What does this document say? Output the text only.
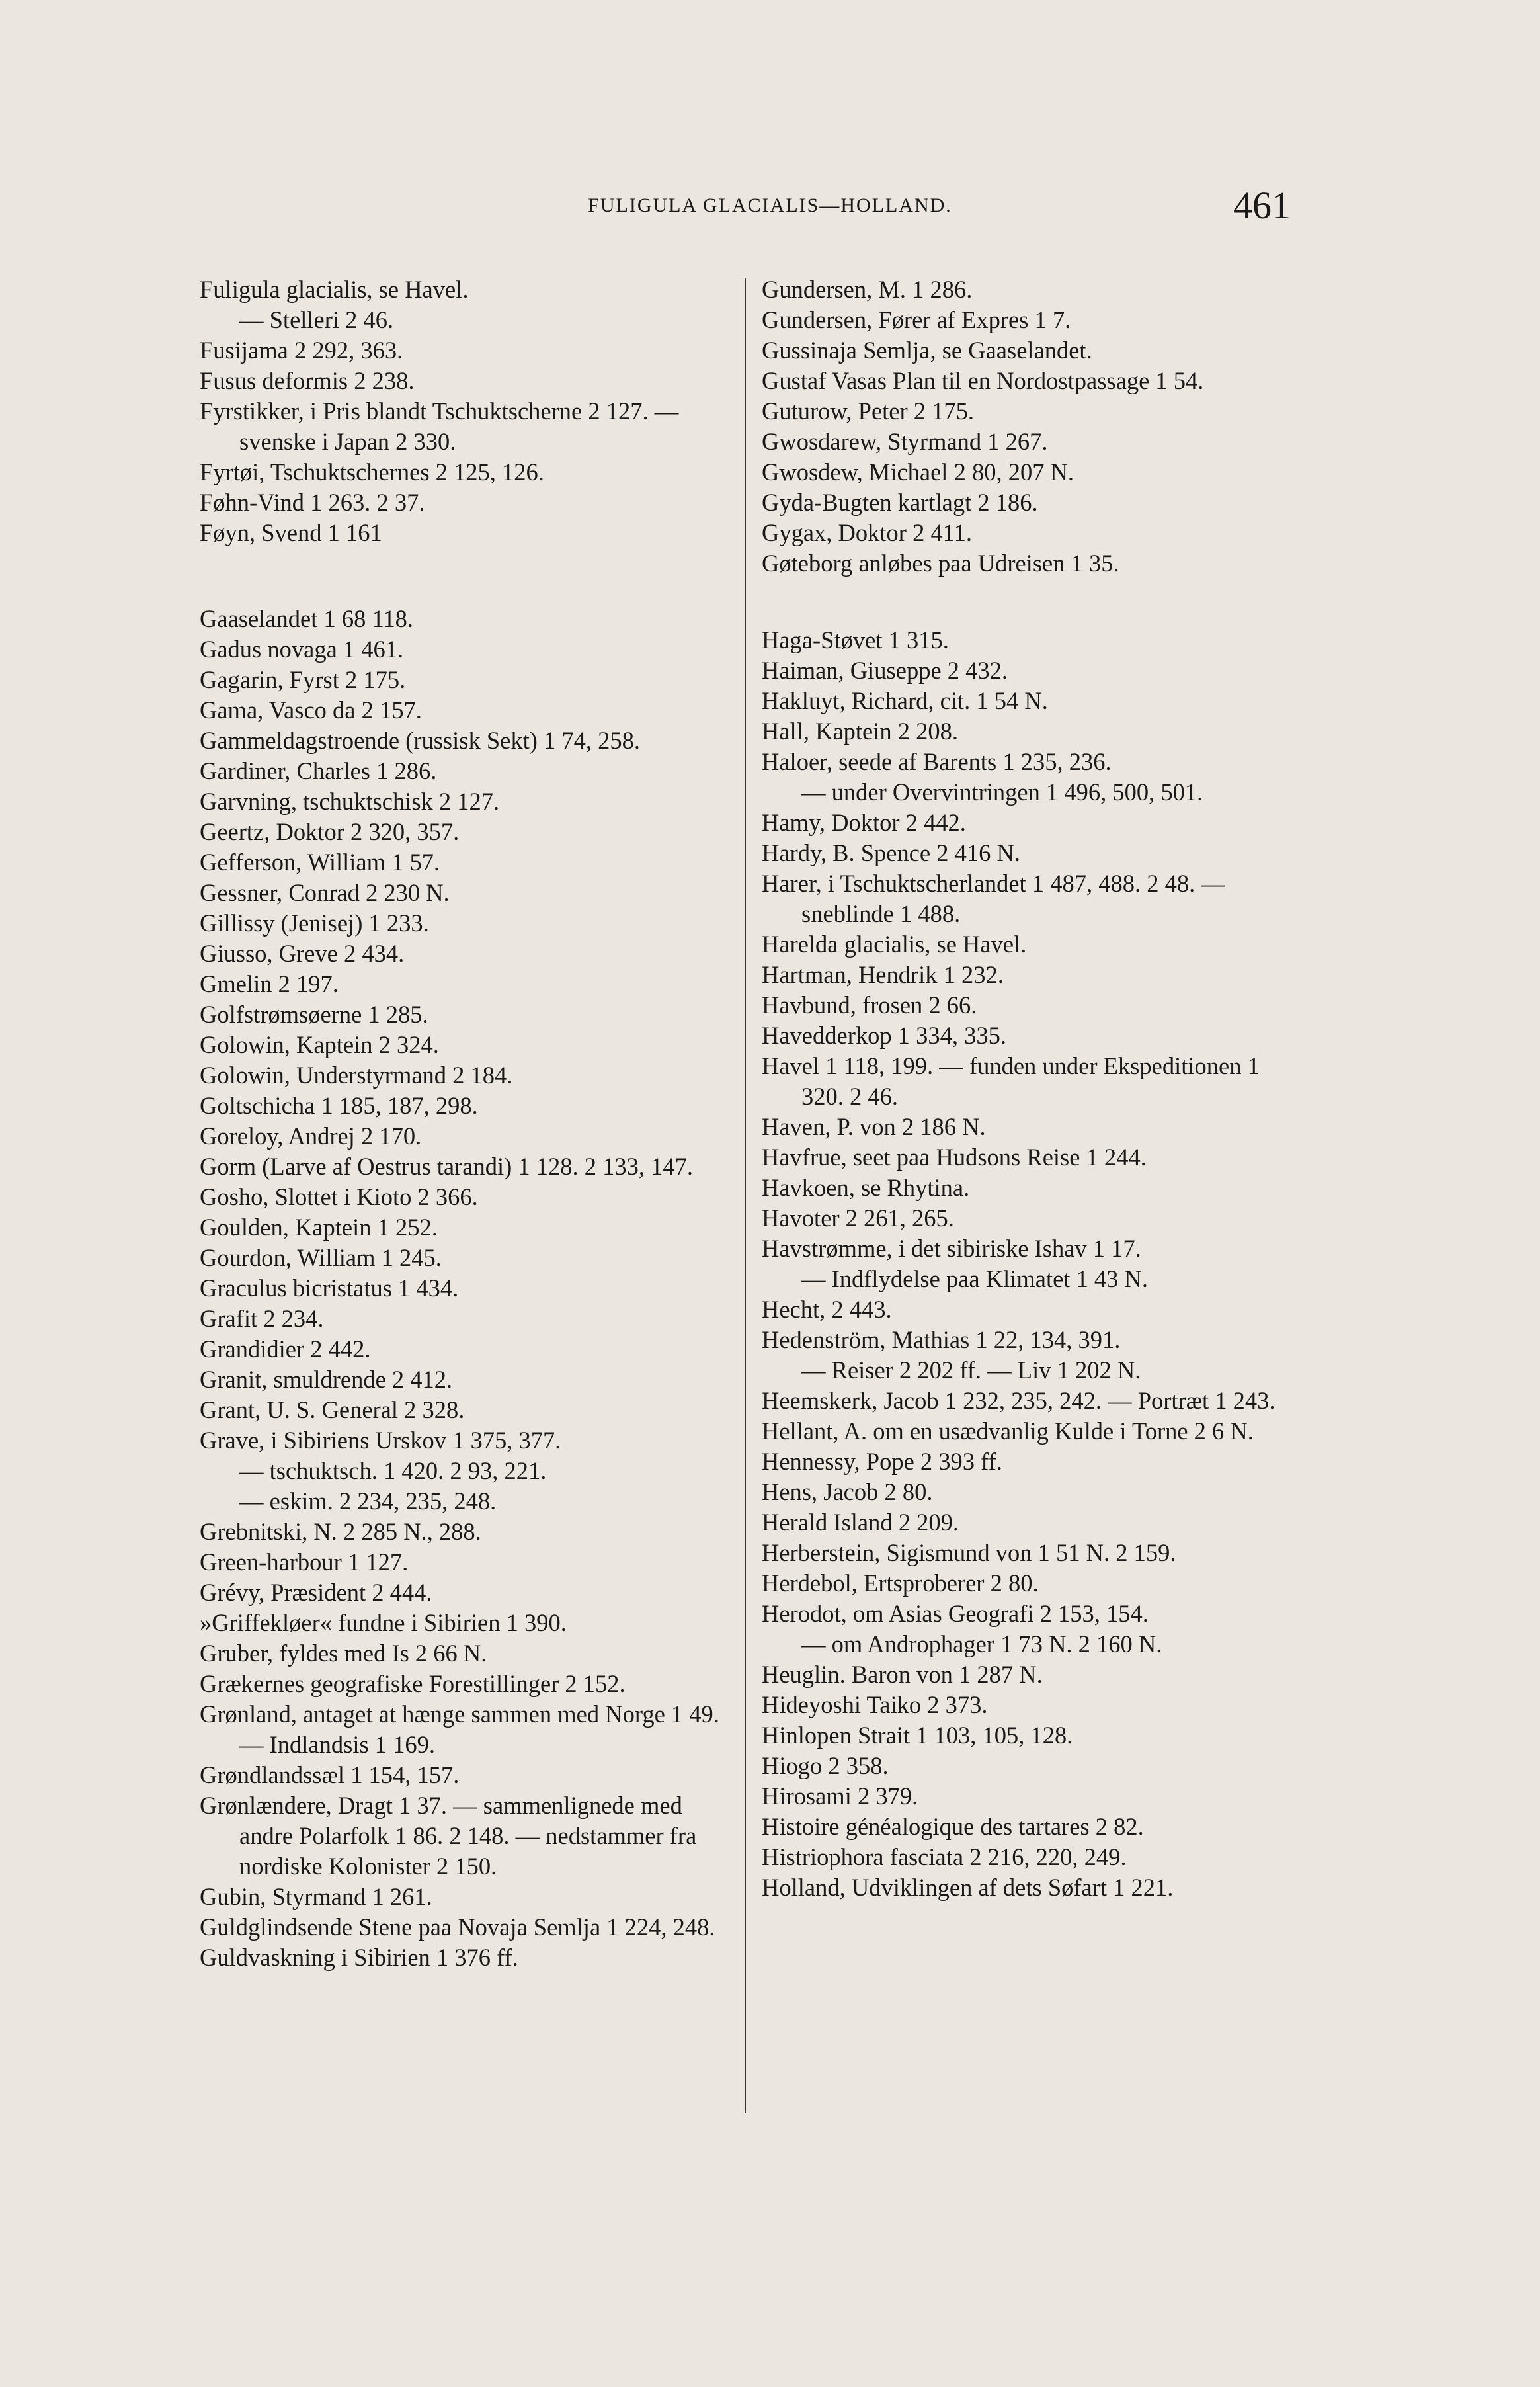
FULIGULA GLACIALIS—HOLLAND.	461

Fuligula glacialis, se Havel.

— Stelleri 2 46.

Fusijama 2 292, 363.

Fusus deformis 2 238.

Fyrstikker, i Pris blandt Tschuktscherne 2 127. — svenske i Japan 2 330.

Fyrtøi, Tschuktschernes 2 125, 126.

Føhn-Vind 1 263. 2 37.

Føyn, Svend 1 161

Gaaselandet 1 68 118.

Gadus novaga 1 461.

Gagarin, Fyrst 2 175.

Gama, Vasco da 2 157.

Gammeldagstroende (russisk Sekt) 1 74, 258.

Gardiner, Charles 1 286.

Garvning, tschuktschisk 2 127.

Geertz, Doktor 2 320, 357.

Gefferson, William 1 57.

Gessner, Conrad 2 230 N.

Gillissy (Jenisej) 1 233.

Giusso, Greve 2 434.

Gmelin 2 197.

Golfstrømsøerne 1 285.

Golowin, Kaptein 2 324.

Golowin, Understyrmand 2 184.

Goltschicha 1 185, 187, 298.

Goreloy, Andrej 2 170.

Gorm (Larve af Oestrus tarandi) 1 128. 2 133, 147.

Gosho, Slottet i Kioto 2 366.

Goulden, Kaptein 1 252.

Gourdon, William 1 245.

Graculus bicristatus 1 434.

Grafit 2 234.

Grandidier 2 442.

Granit, smuldrende 2 412.

Grant, U. S. General 2 328.

Grave, i Sibiriens Urskov 1 375, 377.

— tschuktsch. 1 420. 2 93, 221.

— eskim. 2 234, 235, 248.

Grebnitski, N. 2 285 N., 288.

Green-harbour 1 127.

Grévy, Præsident 2 444.

»Griffekløer« fundne i Sibirien 1 390.

Gruber, fyldes med Is 2 66 N.

Grækernes geografiske Forestillinger 2 152.

Grønland, antaget at hænge sammen med Norge 1 49. — Indlandsis 1 169.

Grøndlandssæl 1 154, 157.

Grønlændere, Dragt 1 37. — sammenlignede med andre Polarfolk 1 86. 2 148. — nedstammer fra nordiske Kolonister 2 150.

Gubin, Styrmand 1 261.

Guldglindsende Stene paa Novaja Semlja 1 224, 248.

Guldvaskning i Sibirien 1 376 ff.

Gundersen, M. 1 286.

Gundersen, Fører af Expres 1 7.

Gussinaja Semlja, se Gaaselandet.

Gustaf Vasas Plan til en Nordostpassage 1 54.

Guturow, Peter 2 175.

Gwosdarew, Styrmand 1 267.

Gwosdew, Michael 2 80, 207 N.

Gyda-Bugten kartlagt 2 186.

Gygax, Doktor 2 411.

Gøteborg anløbes paa Udreisen 1 35.

Haga-Støvet 1 315.

Haiman, Giuseppe 2 432.

Hakluyt, Richard, cit. 1 54 N.

Hall, Kaptein 2 208.

Haloer, seede af Barents 1 235, 236.

— under Overvintringen 1 496, 500, 501.

Hamy, Doktor 2 442.

Hardy, B. Spence 2 416 N.

Harer, i Tschuktscherlandet 1 487, 488. 2 48. — sneblinde 1 488.

Harelda glacialis, se Havel.

Hartman, Hendrik 1 232.

Havbund, frosen 2 66.

Havedderkop 1 334, 335.

Havel 1 118, 199. — funden under Ekspeditionen 1 320. 2 46.

Haven, P. von 2 186 N.

Havfrue, seet paa Hudsons Reise 1 244.

Havkoen, se Rhytina.

Havoter 2 261, 265.

Havstrømme, i det sibiriske Ishav 1 17.

— Indflydelse paa Klimatet 1 43 N.

Hecht, 2 443.

Hedenström, Mathias 1 22, 134, 391.

— Reiser 2 202 ff. — Liv 1 202 N.

Heemskerk, Jacob 1 232, 235, 242. — Portræt 1 243.

Hellant, A. om en usædvanlig Kulde i Torne 2 6 N.

Hennessy, Pope 2 393 ff.

Hens, Jacob 2 80.

Herald Island 2 209.

Herberstein, Sigismund von 1 51 N. 2 159.

Herdebol, Ertsproberer 2 80.

Herodot, om Asias Geografi 2 153, 154.

— om Androphager 1 73 N. 2 160 N.

Heuglin. Baron von 1 287 N.

Hideyoshi Taiko 2 373.

Hinlopen Strait 1 103, 105, 128.

Hiogo 2 358.

Hirosami 2 379.

Histoire généalogique des tartares 2 82.

Histriophora fasciata 2 216, 220, 249.

Holland, Udviklingen af dets Søfart 1 221.
